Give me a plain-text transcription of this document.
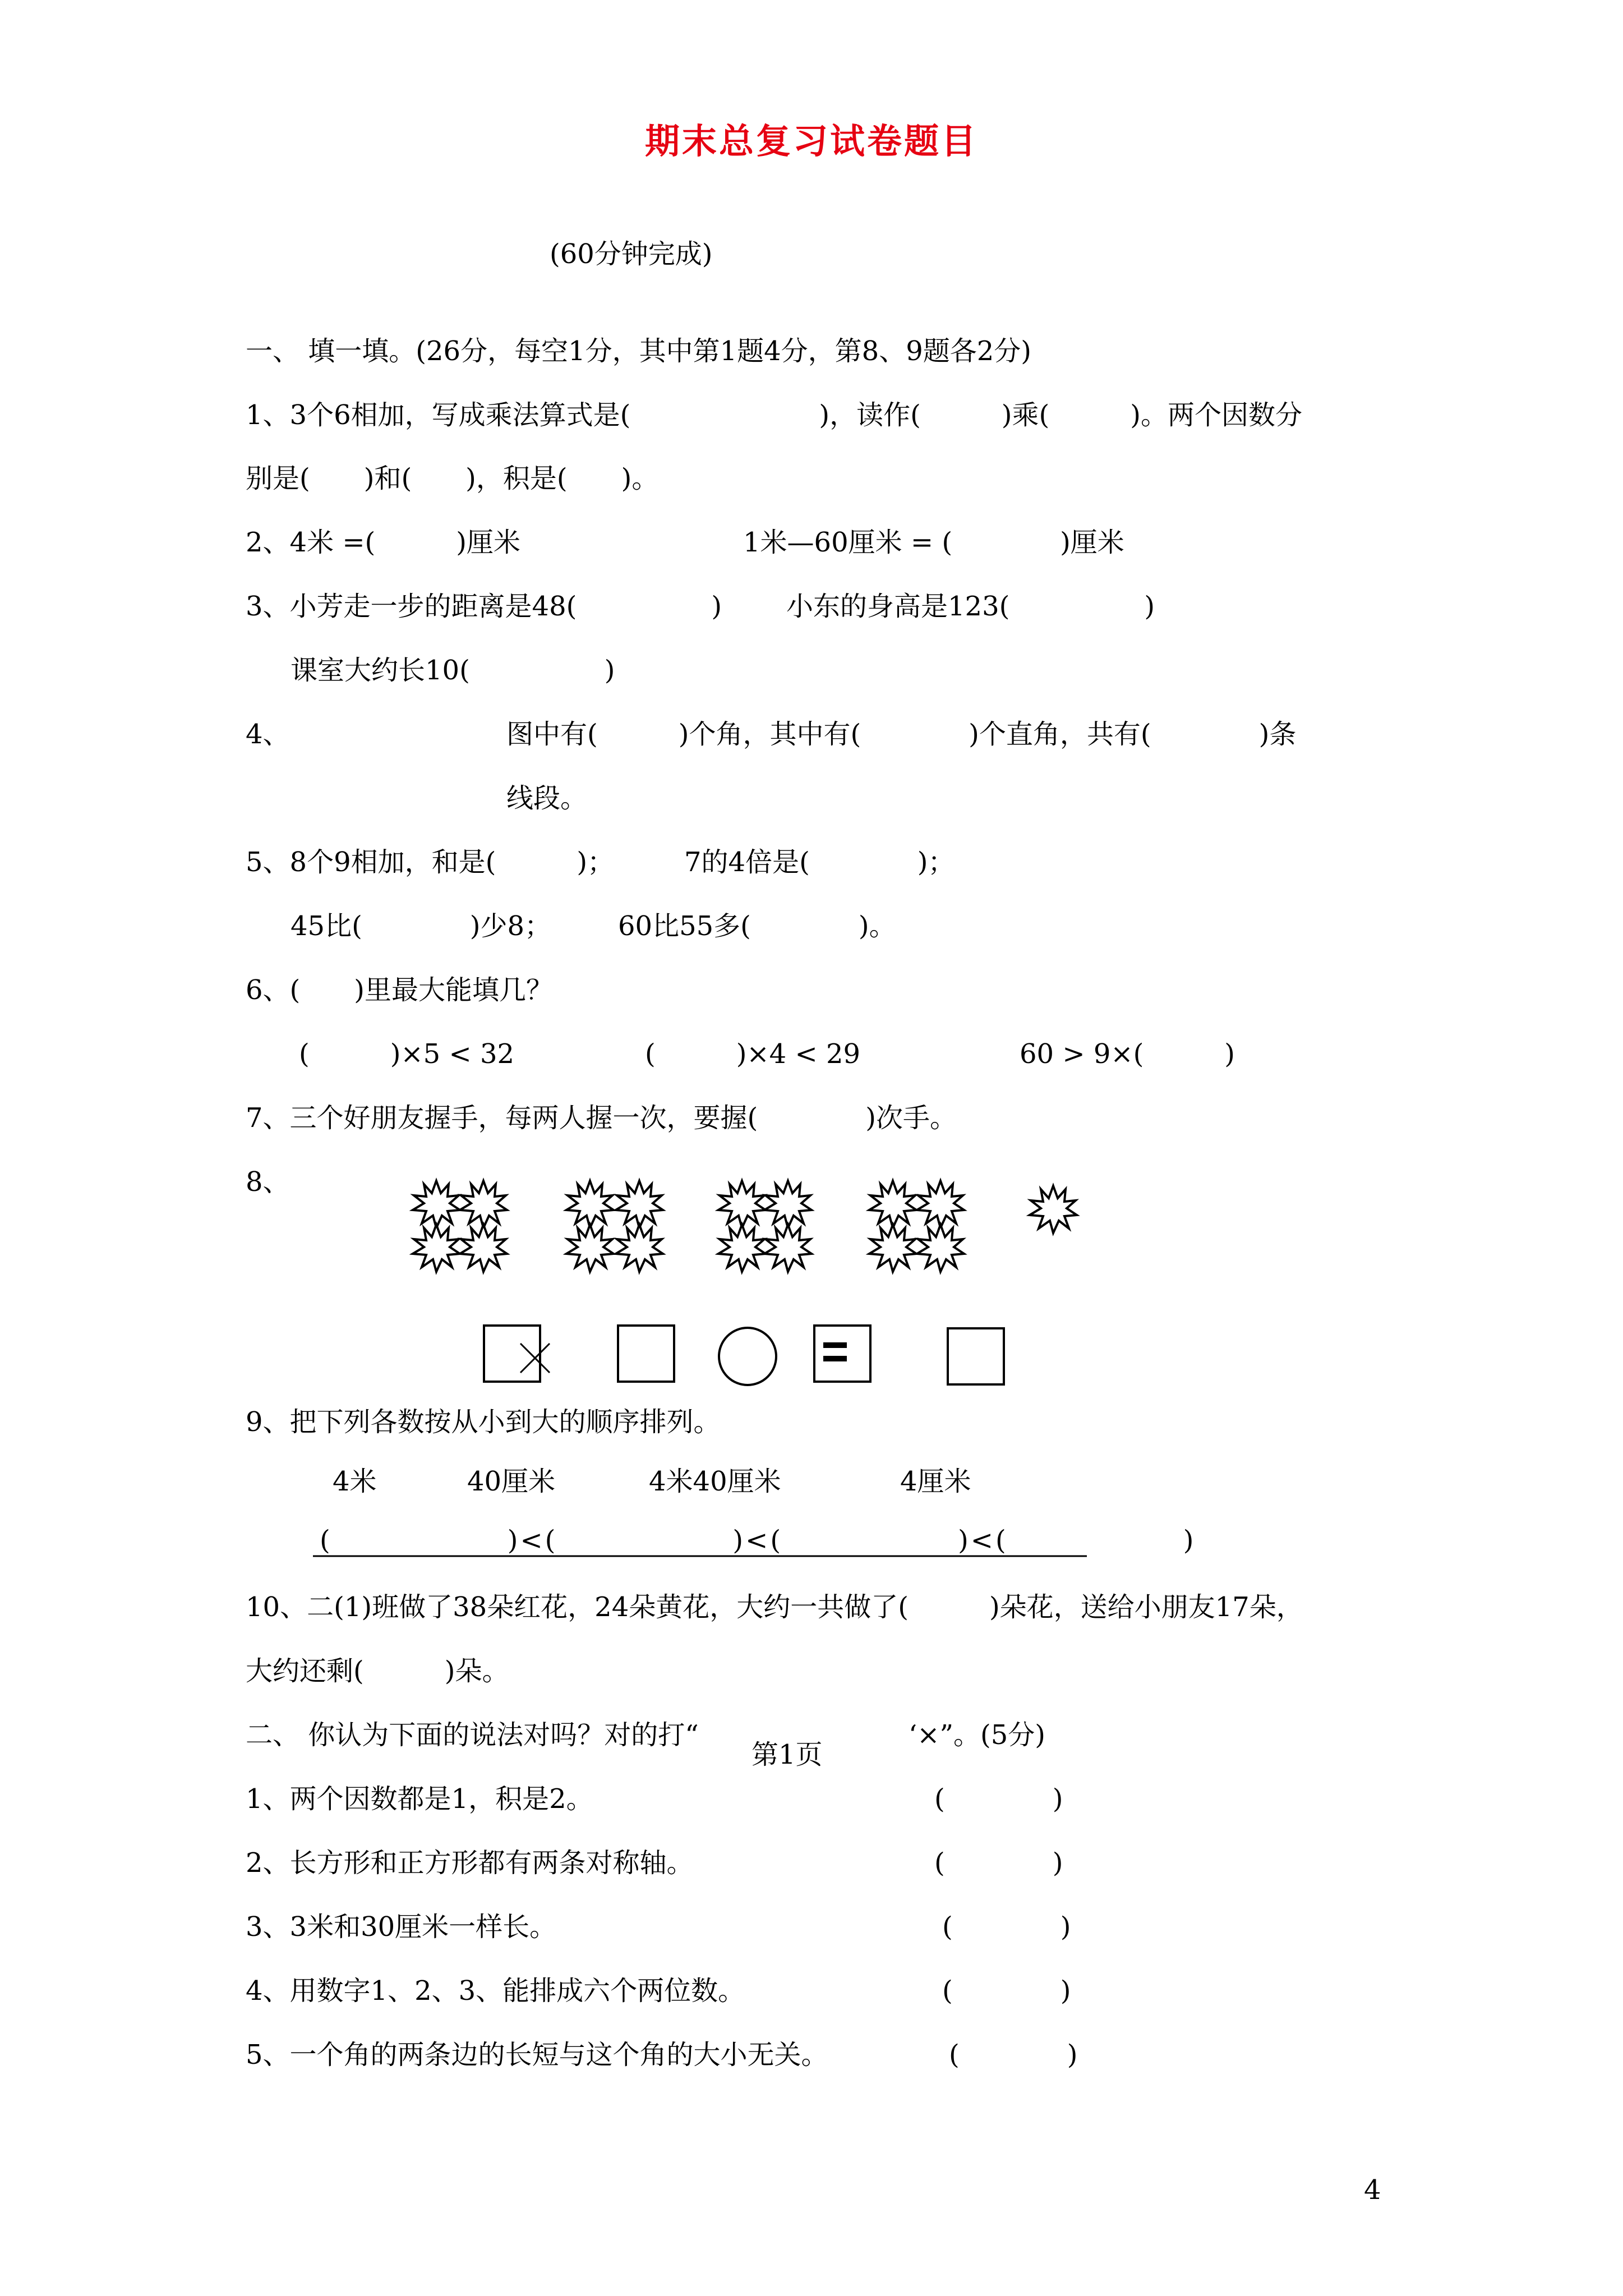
期末总复习试卷题目
(60分钟完成)
一、 填一填。(26分，每空1分，其中第1题4分，第8、9题各2分)
1、3个6相加，写成乘法算式是(　　　　　　　)，读作(　　　)乘(　　　)。两个因数分
别是(　　)和(　　)，积是(　　)。
2、4米 =(　　　)厘米	1米—60厘米 = (　　　　)厘米
3、小芳走一步的距离是48(　　　　　) 小东的身高是123(　　　　　)
课室大约长10(　　　　　)
4、	图中有(　　　)个角，其中有(　　　　)个直角，共有(　　　　)条
线段。
5、8个9相加，和是(　　　)；	7的4倍是(　　　　)；
45比(　　　　)少8； 60比55多(　　　　)。
6、(　　)里最大能填几？
(　　　)×5 < 32	(　　　)×4 < 29	60 > 9×(　　　)
7、三个好朋友握手，每两人握一次，要握(　　　　)次手。
8、
9、把下列各数按从小到大的顺序排列。
4米	40厘米	4米40厘米	4厘米
(　　　　　　)<(　　　　　　)<(　　　　　　)<(　　　　　　)
10、二(1)班做了38朵红花，24朵黄花，大约一共做了(　　　)朵花，送给小朋友17朵，
大约还剩(　　　)朵。
二、 你认为下面的说法对吗？对的打“	‘×”。(5分)
第1页
1、两个因数都是1，积是2。	(　　　　)
2、长方形和正方形都有两条对称轴。	(　　　　)
3、3米和30厘米一样长。	(　　　　)
4、用数字1、2、3、能排成六个两位数。	(　　　　)
5、一个角的两条边的长短与这个角的大小无关。	(　　　　)
4
